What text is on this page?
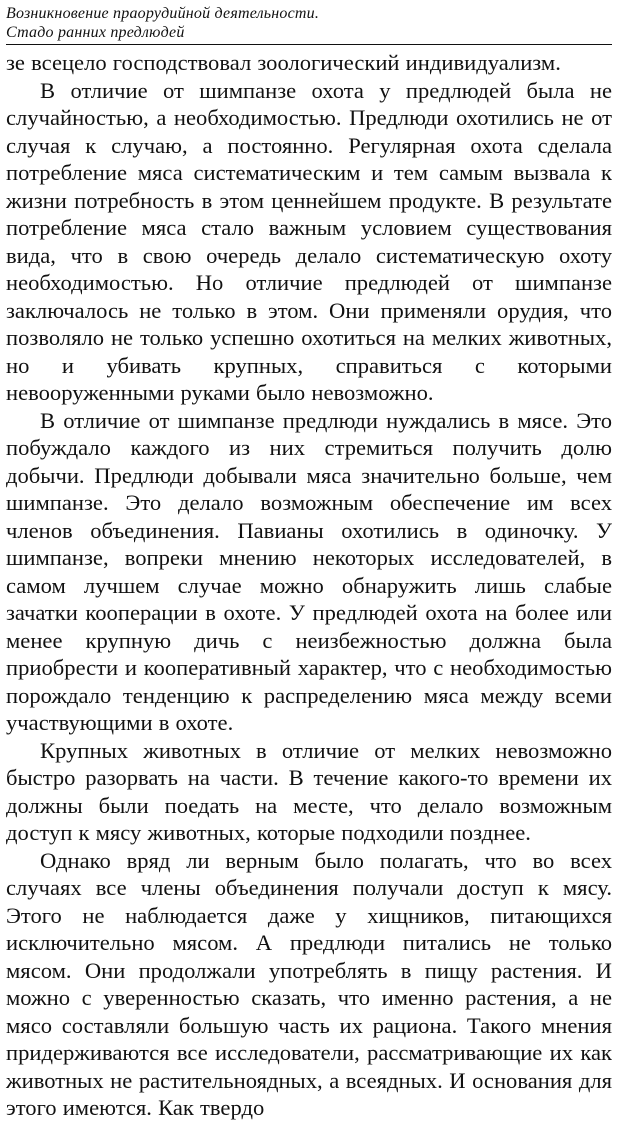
Возникновение праорудийной деятельности.
Стадо ранних предлюдей

зе всецело господствовал зоологический индивидуализм.

В отличие от шимпанзе охота у предлюдей была не случайностью, а необходимостью. Предлюди охотились не от случая к случаю, а постоянно. Регулярная охота сделала потребление мяса систематическим и тем самым вызвала к жизни потребность в этом ценнейшем продукте. В результате потребление мяса стало важным условием существования вида, что в свою очередь делало систематическую охоту необходимостью. Но отличие предлюдей от шимпанзе заключалось не только в этом. Они применяли орудия, что позволяло не только успешно охотиться на мелких животных, но и убивать крупных, справиться с которыми невооруженными руками было невозможно.

В отличие от шимпанзе предлюди нуждались в мясе. Это побуждало каждого из них стремиться получить долю добычи. Предлюди добывали мяса значительно больше, чем шимпанзе. Это делало возможным обеспечение им всех членов объединения. Павианы охотились в одиночку. У шимпанзе, вопреки мнению некоторых исследователей, в самом лучшем случае можно обнаружить лишь слабые зачатки кооперации в охоте. У предлюдей охота на более или менее крупную дичь с неизбежностью должна была приобрести и кооперативный характер, что с необходимостью порождало тенденцию к распределению мяса между всеми участвующими в охоте.

Крупных животных в отличие от мелких невозможно быстро разорвать на части. В течение какого-то времени их должны были поедать на месте, что делало возможным доступ к мясу животных, которые подходили позднее.

Однако вряд ли верным было полагать, что во всех случаях все члены объединения получали доступ к мясу. Этого не наблюдается даже у хищников, питающихся исключительно мясом. А предлюди питались не только мясом. Они продолжали употреблять в пищу растения. И можно с уверенностью сказать, что именно растения, а не мясо составляли большую часть их рациона. Такого мнения придерживаются все исследователи, рассматривающие их как животных не растительноядных, а всеядных. И основания для этого имеются. Как твердо
